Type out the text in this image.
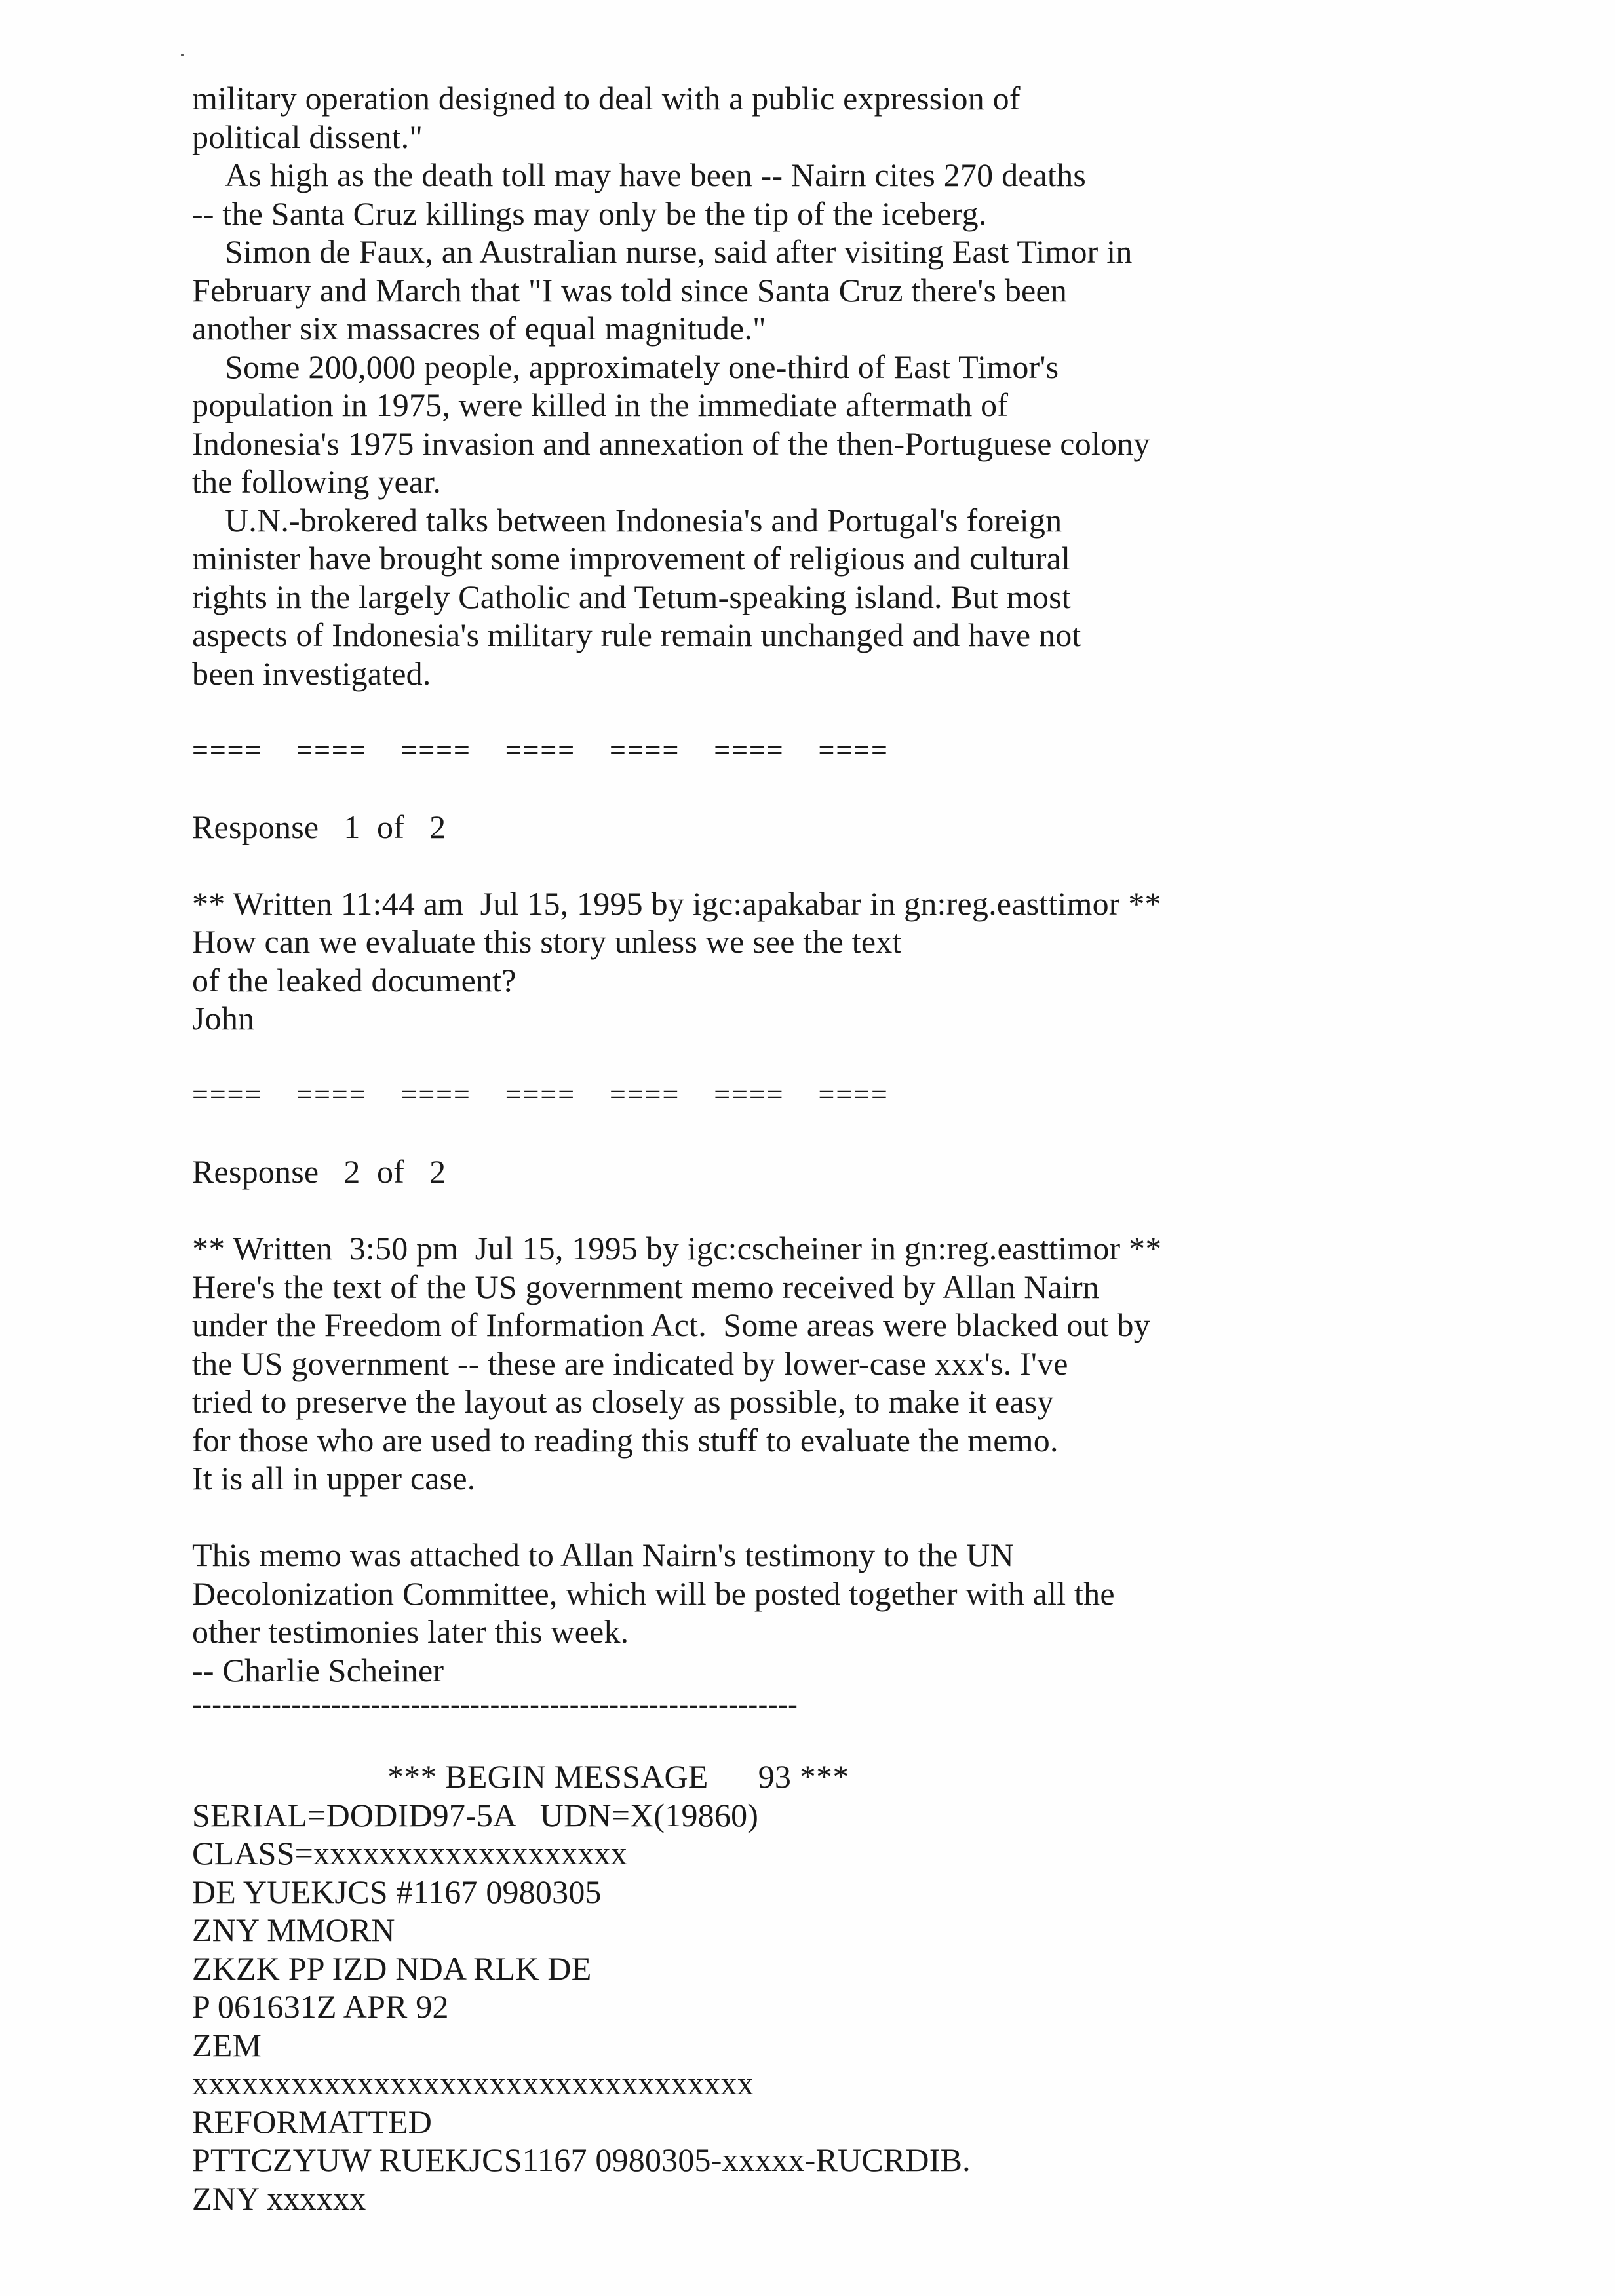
military operation designed to deal with a public expression of
political dissent."
As high as the death toll may have been -- Nairn cites 270 deaths
-- the Santa Cruz killings may only be the tip of the iceberg.
Simon de Faux, an Australian nurse, said after visiting East Timor in
February and March that "I was told since Santa Cruz there's been
another six massacres of equal magnitude."
Some 200,000 people, approximately one-third of East Timor's
population in 1975, were killed in the immediate aftermath of
Indonesia's 1975 invasion and annexation of the then-Portuguese colony
the following year.
U.N.-brokered talks between Indonesia's and Portugal's foreign
minister have brought some improvement of religious and cultural
rights in the largely Catholic and Tetum-speaking island. But most
aspects of Indonesia's military rule remain unchanged and have not
been investigated.
====    ====    ====    ====    ====    ====    ====
Response   1  of   2
** Written 11:44 am  Jul 15, 1995 by igc:apakabar in gn:reg.easttimor **
How can we evaluate this story unless we see the text
of the leaked document?
John
====    ====    ====    ====    ====    ====    ====
Response   2  of   2
** Written  3:50 pm  Jul 15, 1995 by igc:cscheiner in gn:reg.easttimor **
Here's the text of the US government memo received by Allan Nairn
under the Freedom of Information Act.  Some areas were blacked out by
the US government -- these are indicated by lower-case xxx's. I've
tried to preserve the layout as closely as possible, to make it easy
for those who are used to reading this stuff to evaluate the memo.
It is all in upper case.
This memo was attached to Allan Nairn's testimony to the UN
Decolonization Committee, which will be posted together with all the
other testimonies later this week.
-- Charlie Scheiner
-------------------------------------------------------------
*** BEGIN MESSAGE      93 ***
SERIAL=DODID97-5A   UDN=X(19860)
CLASS=xxxxxxxxxxxxxxxxxxx
DE YUEKJCS #1167 0980305
ZNY MMORN
ZKZK PP IZD NDA RLK DE
P 061631Z APR 92
ZEM
xxxxxxxxxxxxxxxxxxxxxxxxxxxxxxxxxx
REFORMATTED
PTTCZYUW RUEKJCS1167 0980305-xxxxx-RUCRDIB.
ZNY xxxxxx
